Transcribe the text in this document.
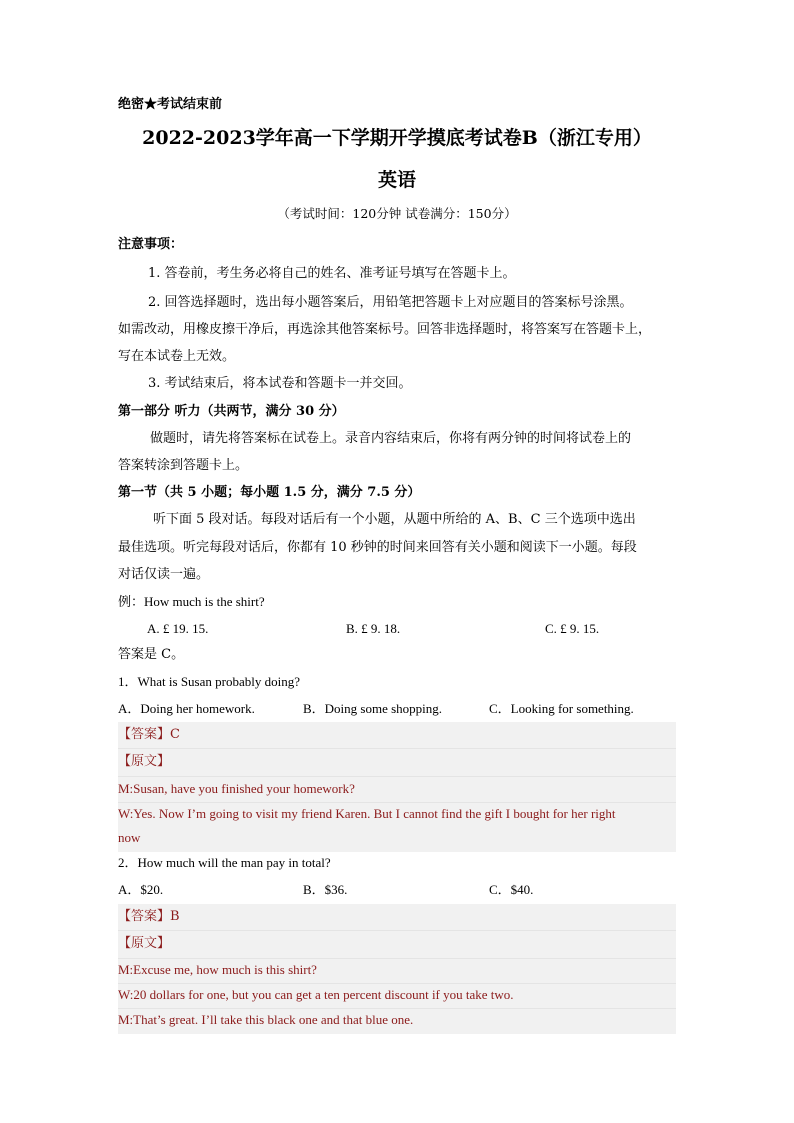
绝密★考试结束前
2022-2023学年高一下学期开学摸底考试卷B（浙江专用）
英语
（考试时间：120分钟 试卷满分：150分）
注意事项：
1. 答卷前，考生务必将自己的姓名、准考证号填写在答题卡上。
2. 回答选择题时，选出每小题答案后，用铅笔把答题卡上对应题目的答案标号涂黑。
如需改动，用橡皮擦干净后，再选涂其他答案标号。回答非选择题时，将答案写在答题卡上，
写在本试卷上无效。
3. 考试结束后，将本试卷和答题卡一并交回。
第一部分 听力（共两节，满分 30 分）
做题时，请先将答案标在试卷上。录音内容结束后，你将有两分钟的时间将试卷上的
答案转涂到答题卡上。
第一节（共 5 小题；每小题 1.5 分，满分 7.5 分）
听下面 5 段对话。每段对话后有一个小题，从题中所给的 A、B、C 三个选项中选出
最佳选项。听完每段对话后，你都有 10 秒钟的时间来回答有关小题和阅读下一小题。每段
对话仅读一遍。
例：How much is the shirt?
A. £ 19. 15.	B. £ 9. 18.	C. £ 9. 15.
答案是 C。
1．What is Susan probably doing?
A．Doing her homework.	B．Doing some shopping.	C．Looking for something.
【答案】C
【原文】
M:Susan, have you finished your homework?
W:Yes. Now I’m going to visit my friend Karen. But I cannot find the gift I bought for her right
now
2．How much will the man pay in total?
A．$20.	B．$36.	C．$40.
【答案】B
【原文】
M:Excuse me, how much is this shirt?
W:20 dollars for one, but you can get a ten percent discount if you take two.
M:That’s great. I’ll take this black one and that blue one.
